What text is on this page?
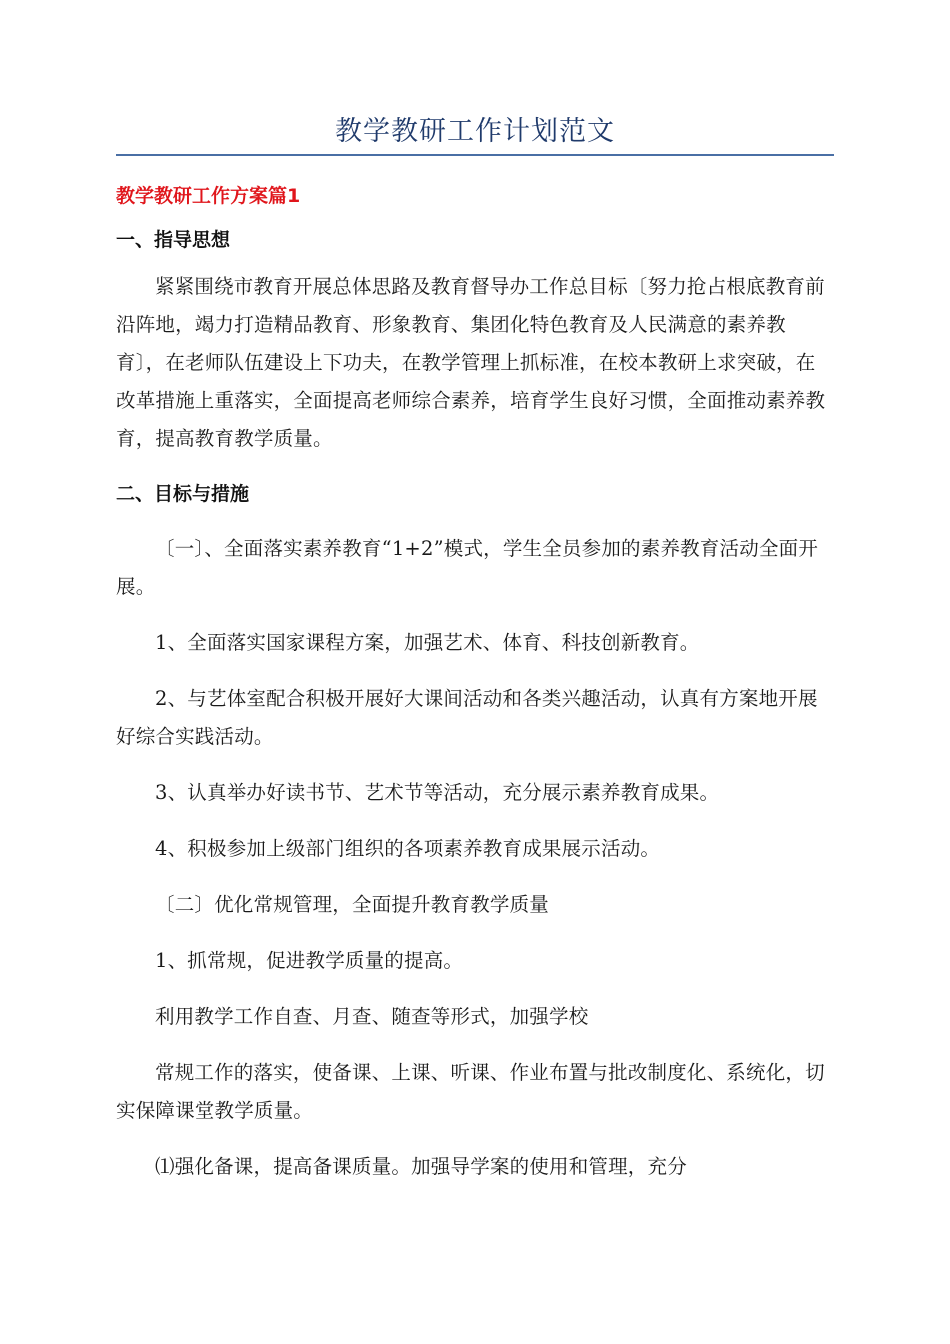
教学教研工作计划范文
教学教研工作方案篇1
一、指导思想

紧紧围绕市教育开展总体思路及教育督导办工作总目标〔努力抢占根底教育前沿阵地，竭力打造精品教育、形象教育、集团化特色教育及人民满意的素养教育〕，在老师队伍建设上下功夫，在教学管理上抓标准，在校本教研上求突破，在改革措施上重落实，全面提高老师综合素养，培育学生良好习惯，全面推动素养教育，提高教育教学质量。

二、目标与措施

〔一〕、全面落实素养教育“1+2”模式，学生全员参加的素养教育活动全面开展。

1、全面落实国家课程方案，加强艺术、体育、科技创新教育。

2、与艺体室配合积极开展好大课间活动和各类兴趣活动，认真有方案地开展好综合实践活动。

3、认真举办好读书节、艺术节等活动，充分展示素养教育成果。

4、积极参加上级部门组织的各项素养教育成果展示活动。

〔二〕优化常规管理，全面提升教育教学质量

1、抓常规，促进教学质量的提高。

利用教学工作自查、月查、随查等形式，加强学校

常规工作的落实，使备课、上课、听课、作业布置与批改制度化、系统化，切实保障课堂教学质量。

⑴强化备课，提高备课质量。加强导学案的使用和管理，充分
